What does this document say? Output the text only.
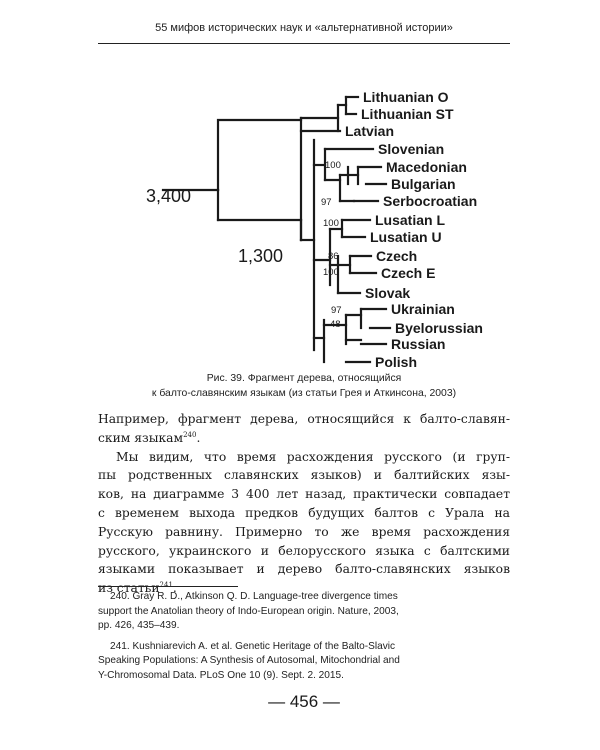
55 мифов исторических наук и «альтернативной истории»
Lithuanian O
Lithuanian ST
Latvian
Slovenian
Macedonian
Bulgarian
Serbocroatian
Lusatian L
Lusatian U
Czech
Czech E
Slovak
Ukrainian
Byelorussian
Russian
Polish
3,400
1,300
100
97
100
86
100
97
48
Рис. 39. Фрагмент дерева, относящийся
к балто-славянским языкам (из статьи Грея и Аткинсона, 2003)
Например, фрагмент дерева, относящийся к балто-славян-
ским языкам$^{240}$.
Мы видим, что время расхождения русского (и груп-
пы родственных славянских языков) и балтийских язы-
ков, на диаграмме 3 400 лет назад, практически совпадает
с временем выхода предков будущих балтов с Урала на
Русскую равнину. Примерно то же время расхождения
русского, украинского и белорусского языка с балтскими
языками показывает и дерево балто-славянских языков
из статьи$^{241}$.
240. Gray R. D., Atkinson Q. D. Language-tree divergence times
support the Anatolian theory of Indo-European origin. Nature, 2003,
pp. 426, 435–439.
241. Kushniarevich A. et al. Genetic Heritage of the Balto-Slavic
Speaking Populations: A Synthesis of Autosomal, Mitochondrial and
Y-Chromosomal Data. PLoS One 10 (9). Sept. 2. 2015.
— 456 —
